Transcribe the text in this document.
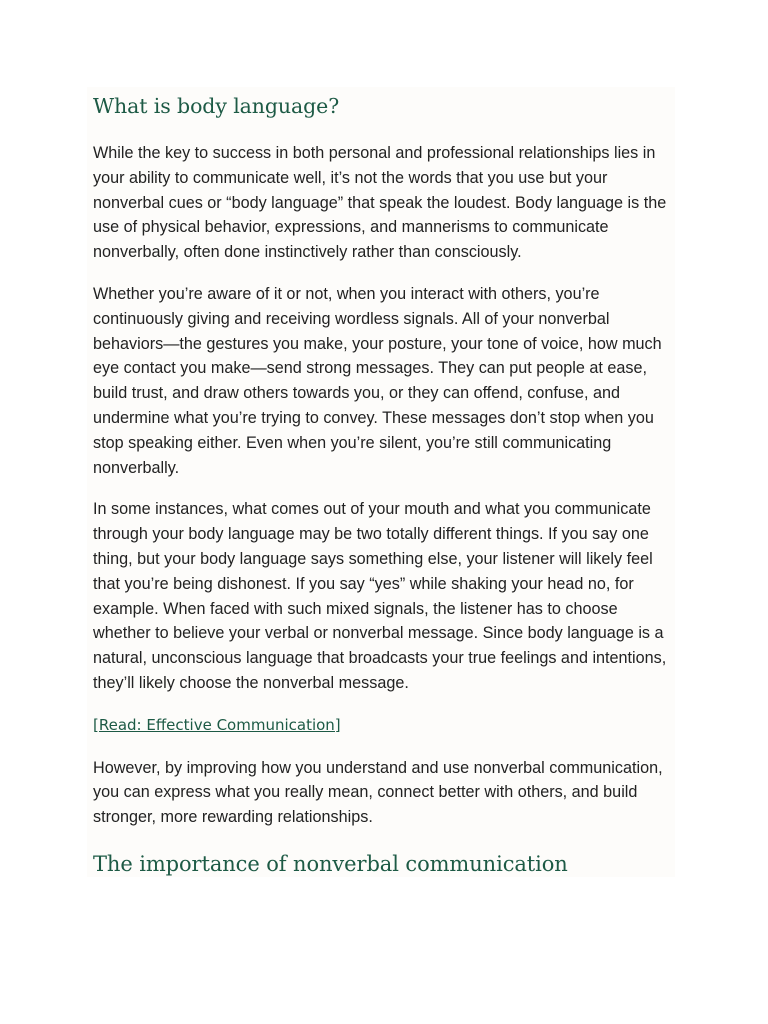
What is body language?

While the key to success in both personal and professional relationships lies in your ability to communicate well, it’s not the words that you use but your nonverbal cues or “body language” that speak the loudest. Body language is the use of physical behavior, expressions, and mannerisms to communicate nonverbally, often done instinctively rather than consciously.

Whether you’re aware of it or not, when you interact with others, you’re continuously giving and receiving wordless signals. All of your nonverbal behaviors—the gestures you make, your posture, your tone of voice, how much eye contact you make—send strong messages. They can put people at ease, build trust, and draw others towards you, or they can offend, confuse, and undermine what you’re trying to convey. These messages don’t stop when you stop speaking either. Even when you’re silent, you’re still communicating nonverbally.

In some instances, what comes out of your mouth and what you communicate through your body language may be two totally different things. If you say one thing, but your body language says something else, your listener will likely feel that you’re being dishonest. If you say “yes” while shaking your head no, for example. When faced with such mixed signals, the listener has to choose whether to believe your verbal or nonverbal message. Since body language is a natural, unconscious language that broadcasts your true feelings and intentions, they’ll likely choose the nonverbal message.

[Read: Effective Communication]

However, by improving how you understand and use nonverbal communication, you can express what you really mean, connect better with others, and build stronger, more rewarding relationships.

The importance of nonverbal communication
